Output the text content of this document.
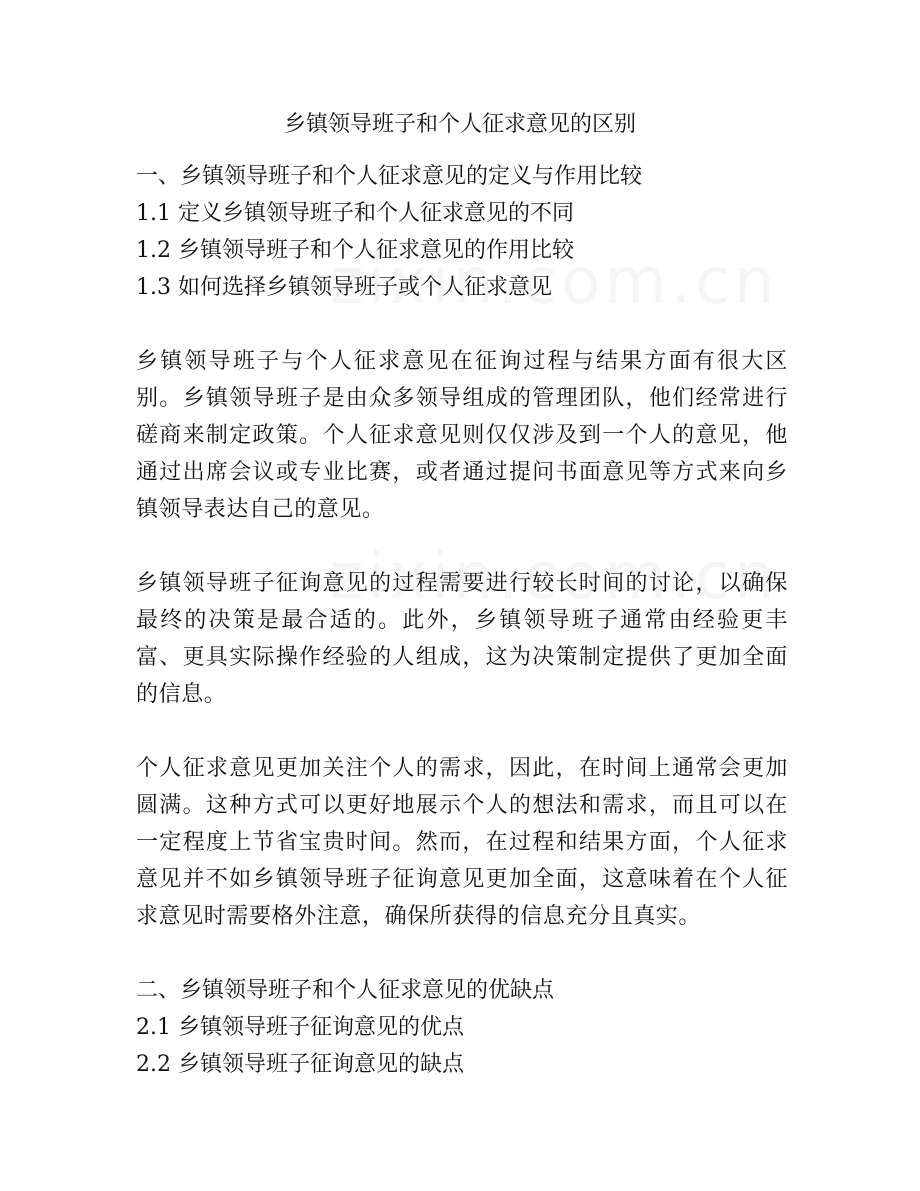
乡镇领导班子和个人征求意见的区别

一、乡镇领导班子和个人征求意见的定义与作用比较

1.1 定义乡镇领导班子和个人征求意见的不同

1.2 乡镇领导班子和个人征求意见的作用比较

1.3 如何选择乡镇领导班子或个人征求意见

乡镇领导班子与个人征求意见在征询过程与结果方面有很大区别。乡镇领导班子是由众多领导组成的管理团队，他们经常进行磋商来制定政策。个人征求意见则仅仅涉及到一个人的意见，他通过出席会议或专业比赛，或者通过提问书面意见等方式来向乡镇领导表达自己的意见。

乡镇领导班子征询意见的过程需要进行较长时间的讨论，以确保最终的决策是最合适的。此外，乡镇领导班子通常由经验更丰富、更具实际操作经验的人组成，这为决策制定提供了更加全面的信息。

个人征求意见更加关注个人的需求，因此，在时间上通常会更加圆满。这种方式可以更好地展示个人的想法和需求，而且可以在一定程度上节省宝贵时间。然而，在过程和结果方面，个人征求意见并不如乡镇领导班子征询意见更加全面，这意味着在个人征求意见时需要格外注意，确保所获得的信息充分且真实。

二、乡镇领导班子和个人征求意见的优缺点

2.1 乡镇领导班子征询意见的优点

2.2 乡镇领导班子征询意见的缺点
